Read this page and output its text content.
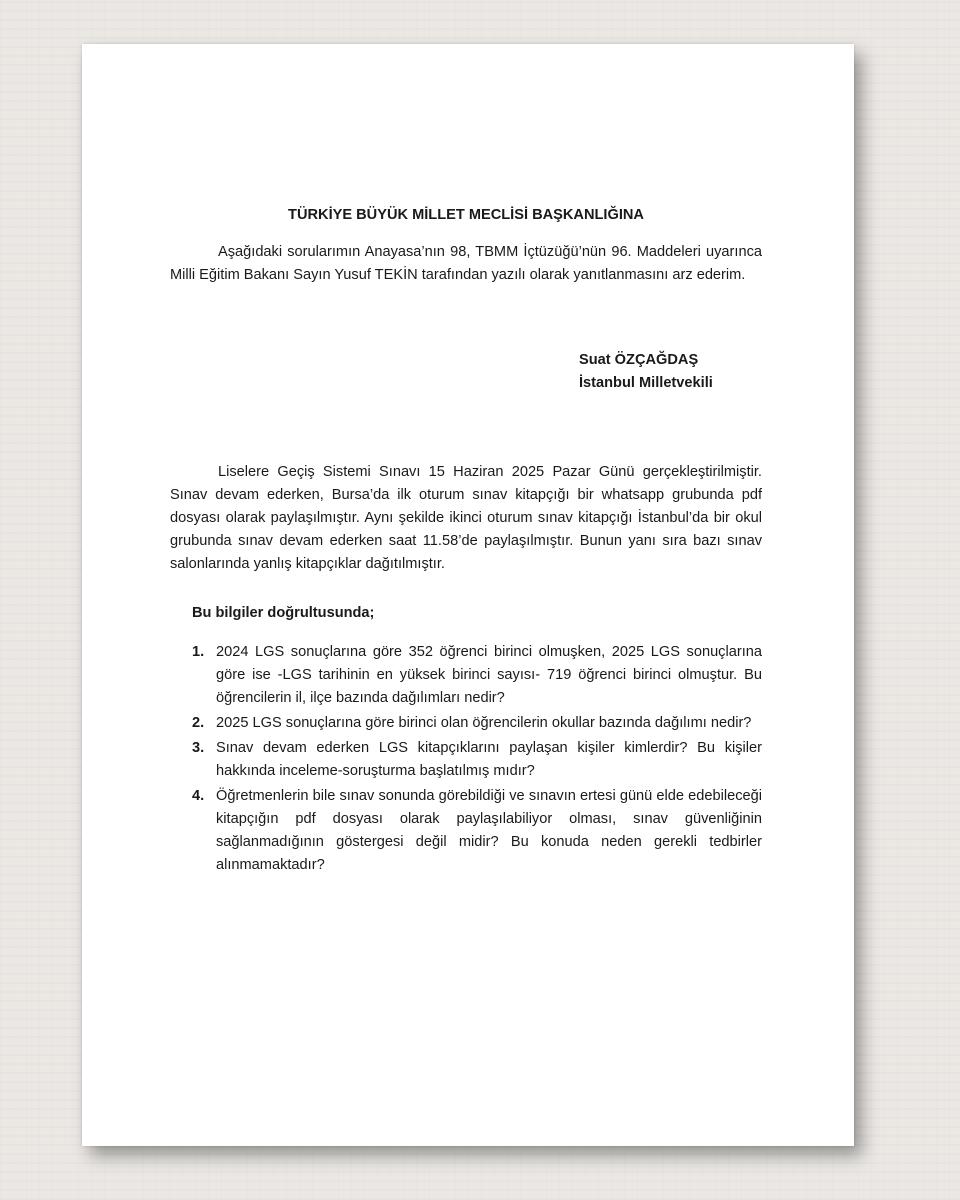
TÜRKİYE BÜYÜK MİLLET MECLİSİ BAŞKANLIĞINA

Aşağıdaki sorularımın Anayasa’nın 98, TBMM İçtüzüğü’nün 96. Maddeleri uyarınca Milli Eğitim Bakanı Sayın Yusuf TEKİN tarafından yazılı olarak yanıtlanmasını arz ederim.

Suat ÖZÇAĞDAŞ
İstanbul Milletvekili

Liselere Geçiş Sistemi Sınavı 15 Haziran 2025 Pazar Günü gerçekleştirilmiştir. Sınav devam ederken, Bursa’da ilk oturum sınav kitapçığı bir whatsapp grubunda pdf dosyası olarak paylaşılmıştır. Aynı şekilde ikinci oturum sınav kitapçığı İstanbul’da bir okul grubunda sınav devam ederken saat 11.58’de paylaşılmıştır. Bunun yanı sıra bazı sınav salonlarında yanlış kitapçıklar dağıtılmıştır.

Bu bilgiler doğrultusunda;
1. 2024 LGS sonuçlarına göre 352 öğrenci birinci olmuşken, 2025 LGS sonuçlarına göre ise -LGS tarihinin en yüksek birinci sayısı- 719 öğrenci birinci olmuştur. Bu öğrencilerin il, ilçe bazında dağılımları nedir?
2. 2025 LGS sonuçlarına göre birinci olan öğrencilerin okullar bazında dağılımı nedir?
3. Sınav devam ederken LGS kitapçıklarını paylaşan kişiler kimlerdir? Bu kişiler hakkında inceleme-soruşturma başlatılmış mıdır?
4. Öğretmenlerin bile sınav sonunda görebildiği ve sınavın ertesi günü elde edebileceği kitapçığın pdf dosyası olarak paylaşılabiliyor olması, sınav güvenliğinin sağlanmadığının göstergesi değil midir? Bu konuda neden gerekli tedbirler alınmamaktadır?
